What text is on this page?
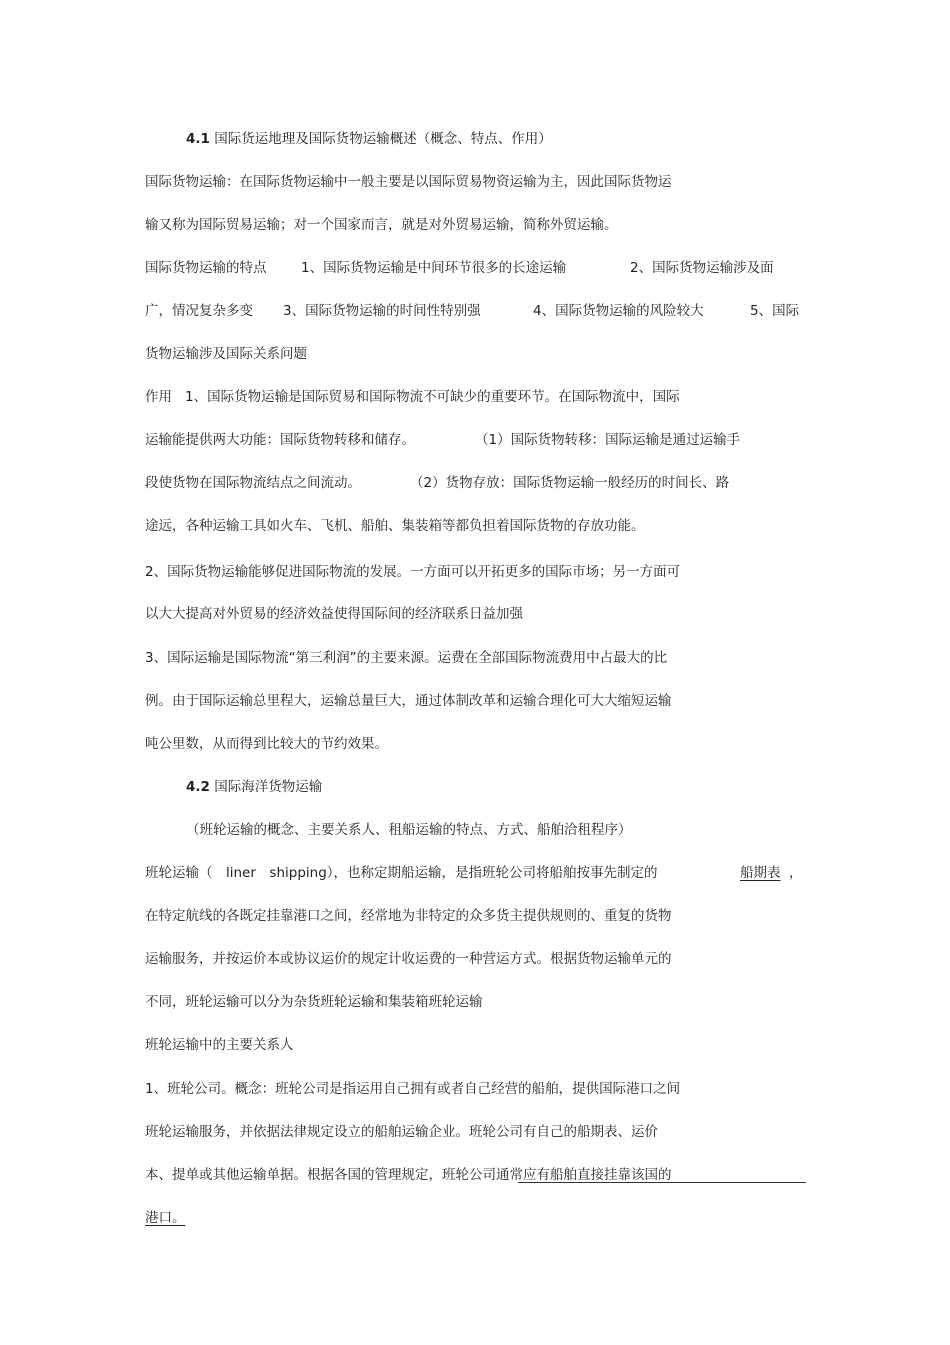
4.1 国际货运地理及国际货物运输概述（概念、特点、作用）
国际货物运输：在国际货物运输中一般主要是以国际贸易物资运输为主，因此国际货物运
输又称为国际贸易运输；对一个国家而言，就是对外贸易运输，简称外贸运输。
国际货物运输的特点	1、国际货物运输是中间环节很多的长途运输	2、国际货物运输涉及面
广，情况复杂多变 3、国际货物运输的时间性特别强	4、国际货物运输的风险较大	5、国际
货物运输涉及国际关系问题
作用 1、国际货物运输是国际贸易和国际物流不可缺少的重要环节。在国际物流中，国际
运输能提供两大功能：国际货物转移和储存。	（1）国际货物转移：国际运输是通过运输手
段使货物在国际物流结点之间流动。	（2）货物存放：国际货物运输一般经历的时间长、路
途远，各种运输工具如火车、飞机、船舶、集装箱等都负担着国际货物的存放功能。
2、国际货物运输能够促进国际物流的发展。一方面可以开拓更多的国际市场；另一方面可
以大大提高对外贸易的经济效益使得国际间的经济联系日益加强
3、国际运输是国际物流“第三利润”的主要来源。运费在全部国际物流费用中占最大的比
例。由于国际运输总里程大，运输总量巨大，通过体制改革和运输合理化可大大缩短运输
吨公里数，从而得到比较大的节约效果。
4.2 国际海洋货物运输
（班轮运输的概念、主要关系人、租船运输的特点、方式、船舶洽租程序）
班轮运输（　liner　shipping），也称定期船运输，是指班轮公司将船舶按事先制定的	船期表 ，
在特定航线的各既定挂靠港口之间，经常地为非特定的众多货主提供规则的、重复的货物
运输服务，并按运价本或协议运价的规定计收运费的一种营运方式。根据货物运输单元的
不同，班轮运输可以分为杂货班轮运输和集装箱班轮运输
班轮运输中的主要关系人
1、班轮公司。概念：班轮公司是指运用自己拥有或者自己经营的船舶，提供国际港口之间
班轮运输服务，并依据法律规定设立的船舶运输企业。班轮公司有自己的船期表、运价
本、提单或其他运输单据。根据各国的管理规定，班轮公司通常应有船舶直接挂靠该国的
港口。
